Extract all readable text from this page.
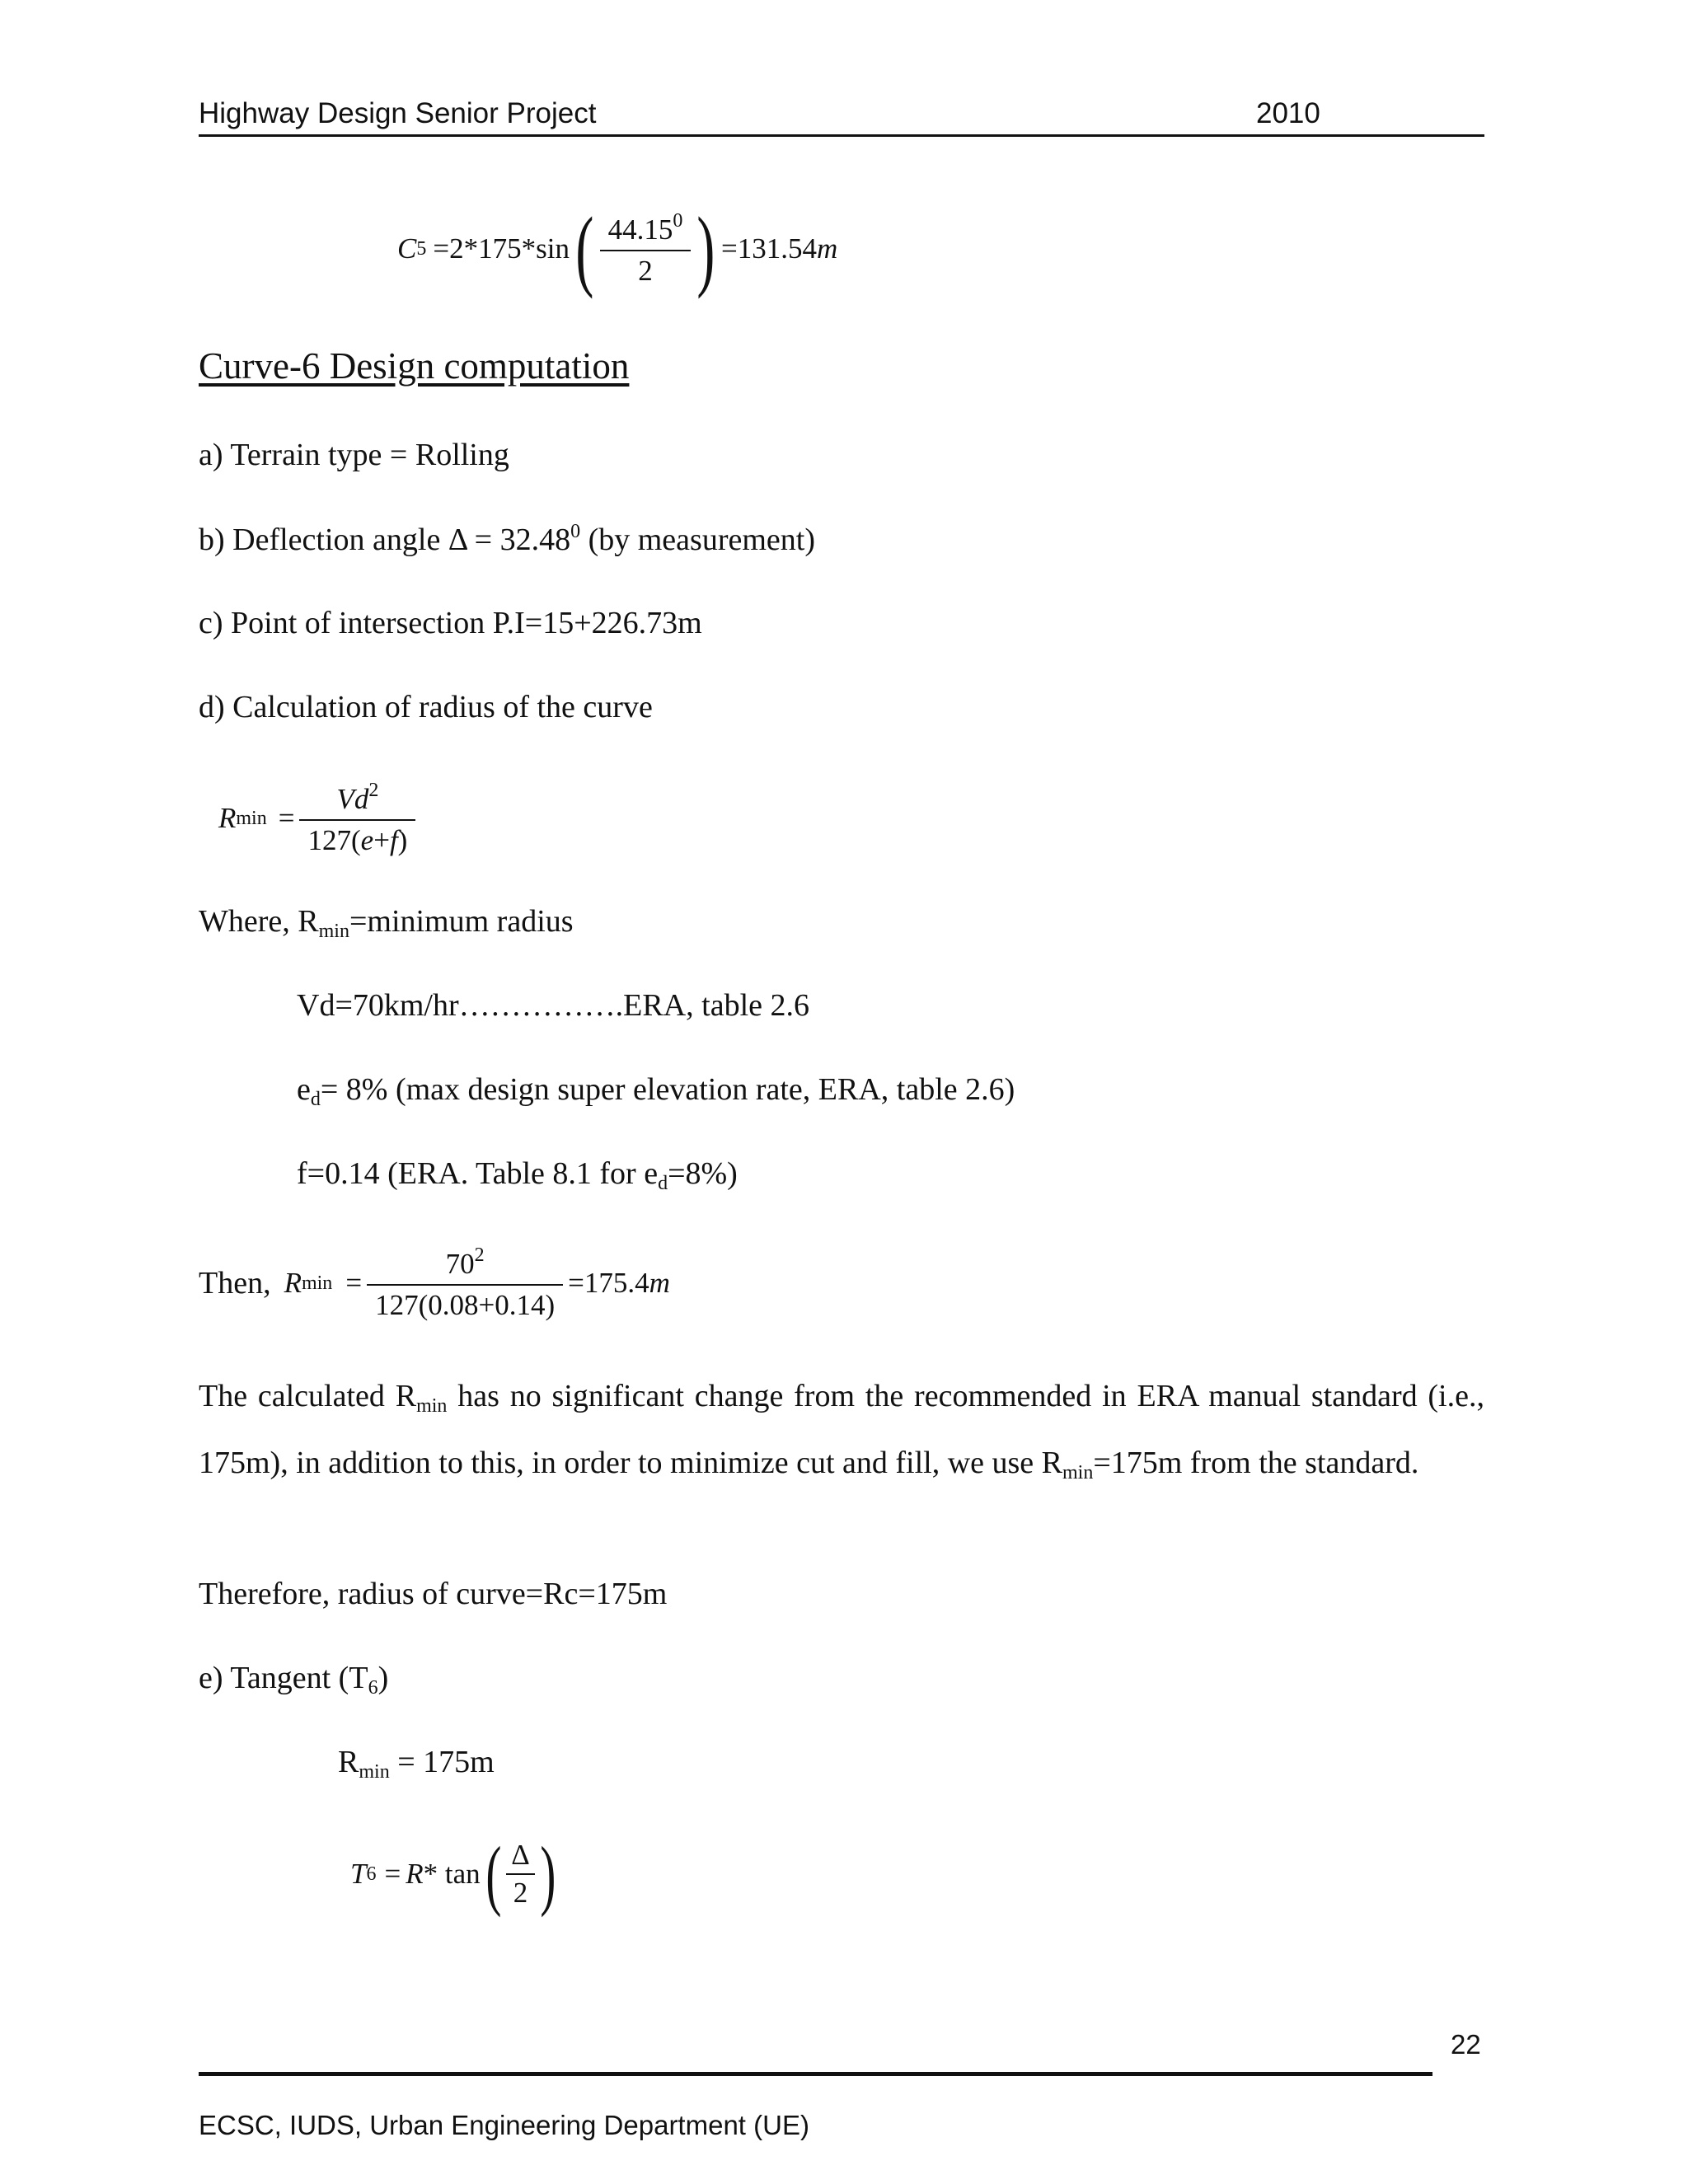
Highway Design Senior Project	2010
C 5 =2*175*sin ( $\frac{44.15^0}{2}$ ) =131.54 m
Curve-6 Design computation
a) Terrain type = Rolling
b) Deflection angle $\Delta = 32.48^0$ (by measurement)
c) Point of intersection P.I=15+226.73m
d) Calculation of radius of the curve
R $\min = \frac{Vd^2}{127(e+f)}$
Where, $R_{min}=minimum$ radius
Vd=70km/hr…………….ERA, table 2.6
$e_d= 8\%$ (max design super elevation rate, ERA, table 2.6)
f=0.14 (ERA. Table 8.1 for $e_d=8\%$)
Then, R $\min = \frac{70^2}{127(0.08+0.14)} =175.4$ m
The calculated $R_{min}$ has no significant change from the recommended in ERA manual standard (i.e., 175m), in addition to this, in order to minimize cut and fill, we use $R_{min}=175m$ from the standard.
Therefore, radius of curve=Rc=175m
e) Tangent $(T_6)$
$R_{min} = 175m$
T 6 = R * tan ( $\frac{\Delta}{2}$ )
22
ECSC, IUDS, Urban Engineering Department (UE)
